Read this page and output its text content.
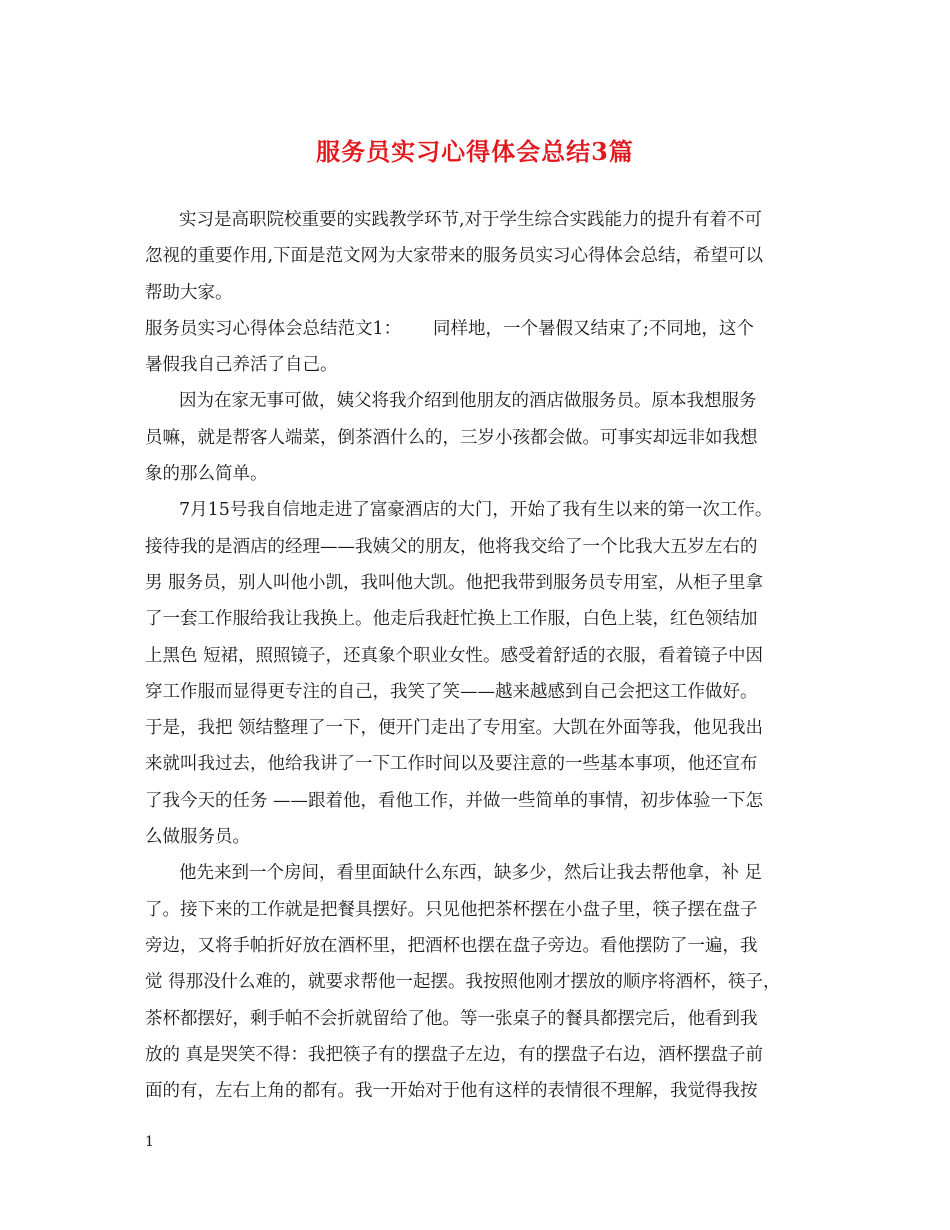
服务员实习心得体会总结3篇
实习是高职院校重要的实践教学环节,对于学生综合实践能力的提升有着不可
忽视的重要作用,下面是范文网为大家带来的服务员实习心得体会总结，希望可以
帮助大家。
服务员实习心得体会总结范文1：　　 同样地，一个暑假又结束了;不同地，这个
暑假我自己养活了自己。
因为在家无事可做，姨父将我介绍到他朋友的酒店做服务员。原本我想服务
员嘛，就是帮客人端菜，倒茶酒什么的，三岁小孩都会做。可事实却远非如我想
象的那么简单。
7月15号我自信地走进了富豪酒店的大门，开始了我有生以来的第一次工作。
接待我的是酒店的经理——我姨父的朋友，他将我交给了一个比我大五岁左右的
男 服务员，别人叫他小凯，我叫他大凯。他把我带到服务员专用室，从柜子里拿
了一套工作服给我让我换上。他走后我赶忙换上工作服，白色上装，红色领结加
上黑色 短裙，照照镜子，还真象个职业女性。感受着舒适的衣服，看着镜子中因
穿工作服而显得更专注的自己，我笑了笑——越来越感到自己会把这工作做好。
于是，我把 领结整理了一下，便开门走出了专用室。大凯在外面等我，他见我出
来就叫我过去，他给我讲了一下工作时间以及要注意的一些基本事项，他还宣布
了我今天的任务 ——跟着他，看他工作，并做一些简单的事情，初步体验一下怎
么做服务员。
他先来到一个房间，看里面缺什么东西，缺多少，然后让我去帮他拿，补 足
了。接下来的工作就是把餐具摆好。只见他把茶杯摆在小盘子里，筷子摆在盘子
旁边，又将手帕折好放在酒杯里，把酒杯也摆在盘子旁边。看他摆防了一遍，我
觉 得那没什么难的，就要求帮他一起摆。我按照他刚才摆放的顺序将酒杯，筷子，
茶杯都摆好，剩手帕不会折就留给了他。等一张桌子的餐具都摆完后，他看到我
放的 真是哭笑不得：我把筷子有的摆盘子左边，有的摆盘子右边，酒杯摆盘子前
面的有，左右上角的都有。我一开始对于他有这样的表情很不理解，我觉得我按
1
